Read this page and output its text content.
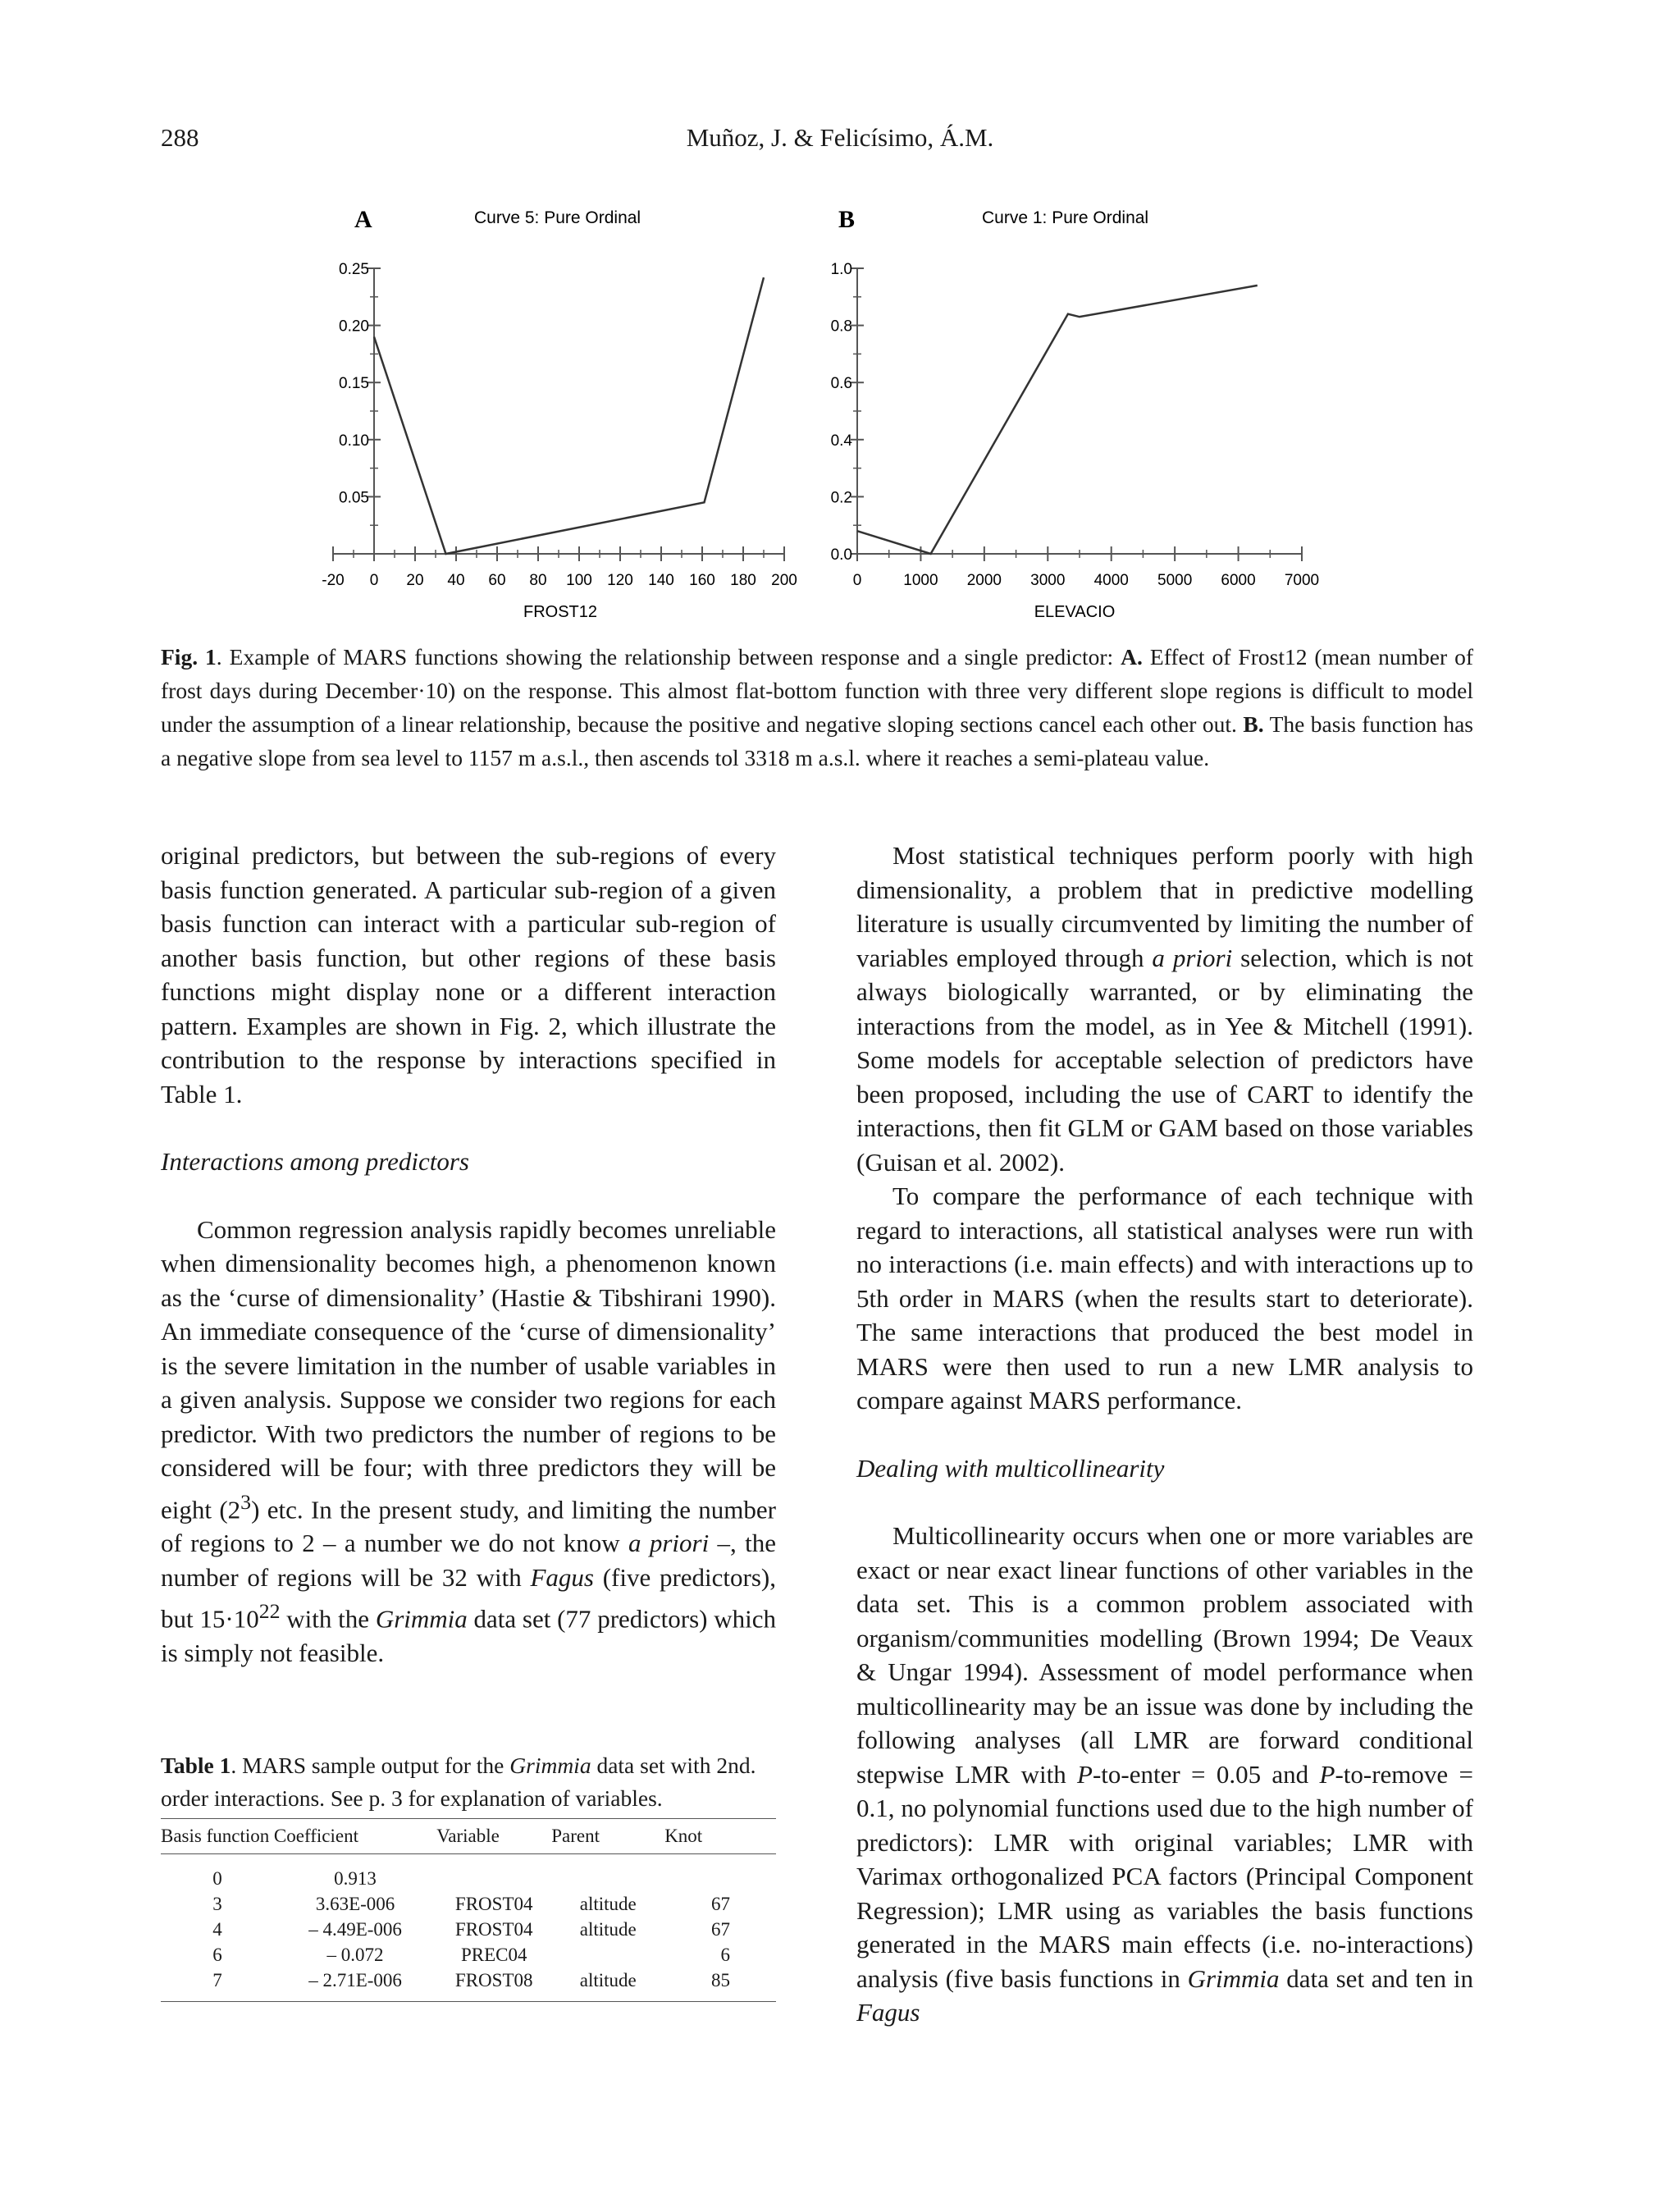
288	Muñoz, J. & Felicísimo, Á.M.
A	Curve 5: Pure Ordinal
-20 0 20 40 60 80 100 120 140 160 180 200
0.05
0.10
0.15
0.20
0.25
FROST12
B	Curve 1: Pure Ordinal
0	1000 2000 3000 4000 5000 6000 7000
0.0
0.2
0.4
0.6
0.8
1.0
ELEVACIO
Fig. 1. Example of MARS functions showing the relationship between response and a single predictor: A. Effect of Frost12 (mean number of frost days during December·10) on the response. This almost flat-bottom function with three very different slope regions is difficult to model under the assumption of a linear relationship, because the positive and negative sloping sections cancel each other out. B. The basis function has a negative slope from sea level to 1157 m a.s.l., then ascends tol 3318 m a.s.l. where it reaches a semi-plateau value.

original predictors, but between the sub-regions of every basis function generated. A particular sub-region of a given basis function can interact with a particular sub-region of another basis function, but other regions of these basis functions might display none or a different interaction pattern. Examples are shown in Fig. 2, which illustrate the contribution to the response by interactions specified in Table 1.

Interactions among predictors

Common regression analysis rapidly becomes unreliable when dimensionality becomes high, a phenomenon known as the ‘curse of dimensionality’ (Hastie & Tibshirani 1990). An immediate consequence of the ‘curse of dimensionality’ is the severe limitation in the number of usable variables in a given analysis. Suppose we consider two regions for each predictor. With two predictors the number of regions to be considered will be four; with three predictors they will be eight $(2^3)$ etc. In the present study, and limiting the number of regions to 2 – a number we do not know a priori –, the number of regions will be 32 with Fagus (five predictors), but $15\cdot 10^{22}$ with the Grimmia data set (77 predictors) which is simply not feasible.

Table 1. MARS sample output for the Grimmia data set with 2nd. order interactions. See p. 3 for explanation of variables.
Basis function	Coefficient	Variable	Parent	Knot
0	0.913			
3	3.63E-006	FROST04	altitude	67
4	– 4.49E-006	FROST04	altitude	67
6	– 0.072	PREC04		6
7	– 2.71E-006	FROST08	altitude	85

Most statistical techniques perform poorly with high dimensionality, a problem that in predictive modelling literature is usually circumvented by limiting the number of variables employed through a priori selection, which is not always biologically warranted, or by eliminating the interactions from the model, as in Yee & Mitchell (1991). Some models for acceptable selection of predictors have been proposed, including the use of CART to identify the interactions, then fit GLM or GAM based on those variables (Guisan et al. 2002).

To compare the performance of each technique with regard to interactions, all statistical analyses were run with no interactions (i.e. main effects) and with interactions up to 5th order in MARS (when the results start to deteriorate). The same interactions that produced the best model in MARS were then used to run a new LMR analysis to compare against MARS performance.

Dealing with multicollinearity

Multicollinearity occurs when one or more variables are exact or near exact linear functions of other variables in the data set. This is a common problem associated with organism/communities modelling (Brown 1994; De Veaux & Ungar 1994). Assessment of model performance when multicollinearity may be an issue was done by including the following analyses (all LMR are forward conditional stepwise LMR with P-to-enter = 0.05 and P-to-remove = 0.1, no polynomial functions used due to the high number of predictors): LMR with original variables; LMR with Varimax orthogonalized PCA factors (Principal Component Regression); LMR using as variables the basis functions generated in the MARS main effects (i.e. no-interactions) analysis (five basis functions in Grimmia data set and ten in Fagus
